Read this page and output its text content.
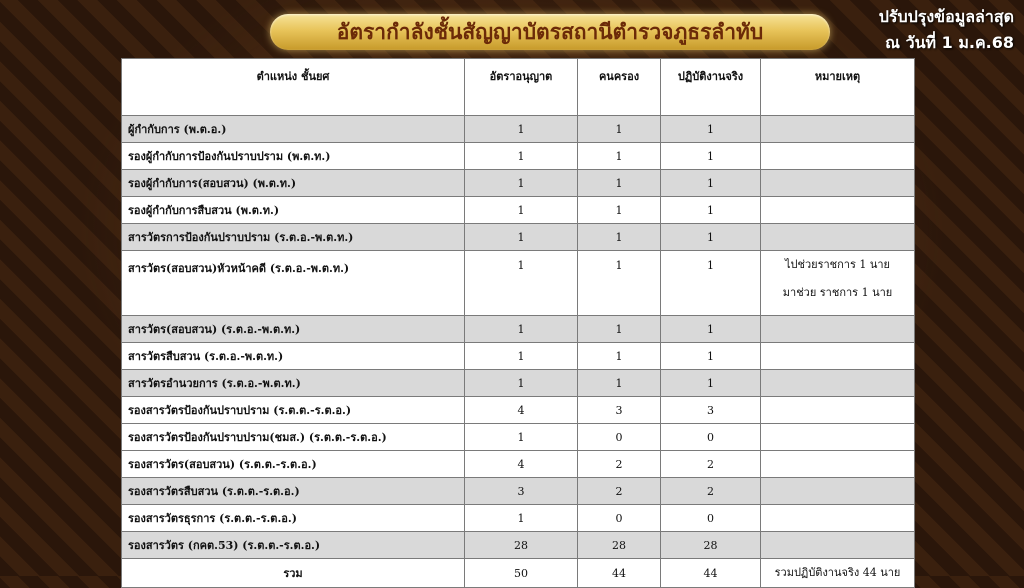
อัตรากำลังชั้นสัญญาบัตรสถานีตำรวจภูธรลำทับ
ปรับปรุงข้อมูลล่าสุด
ณ วันที่ 1 ม.ค.68
ตำแหน่ง ชั้นยศ	อัตราอนุญาต	คนครอง	ปฏิบัติงานจริง	หมายเหตุ
ผู้กำกับการ (พ.ต.อ.)	1	1	1	

รองผู้กำกับการป้องกันปราบปราม (พ.ต.ท.)	1	1	1	

รองผู้กำกับการ(สอบสวน) (พ.ต.ท.)	1	1	1	

รองผู้กำกับการสืบสวน (พ.ต.ท.)	1	1	1	

สารวัตรการป้องกันปราบปราม (ร.ต.อ.-พ.ต.ท.)	1	1	1	

สารวัตร(สอบสวน)หัวหน้าคดี (ร.ต.อ.-พ.ต.ท.)	1	1	1	ไปช่วยราชการ 1 นาย
มาช่วย ราชการ 1 นาย

สารวัตร(สอบสวน) (ร.ต.อ.-พ.ต.ท.)	1	1	1	

สารวัตรสืบสวน (ร.ต.อ.-พ.ต.ท.)	1	1	1	

สารวัตรอำนวยการ (ร.ต.อ.-พ.ต.ท.)	1	1	1	

รองสารวัตรป้องกันปราบปราม (ร.ต.ต.-ร.ต.อ.)	4	3	3	

รองสารวัตรป้องกันปราบปราม(ชมส.) (ร.ต.ต.-ร.ต.อ.)	1	0	0	

รองสารวัตร(สอบสวน) (ร.ต.ต.-ร.ต.อ.)	4	2	2	

รองสารวัตรสืบสวน (ร.ต.ต.-ร.ต.อ.)	3	2	2	

รองสารวัตรธุรการ (ร.ต.ต.-ร.ต.อ.)	1	0	0	

รองสารวัตร (กคต.53) (ร.ต.ต.-ร.ต.อ.)	28	28	28	

รวม	50	44	44	รวมปฏิบัติงานจริง 44 นาย
